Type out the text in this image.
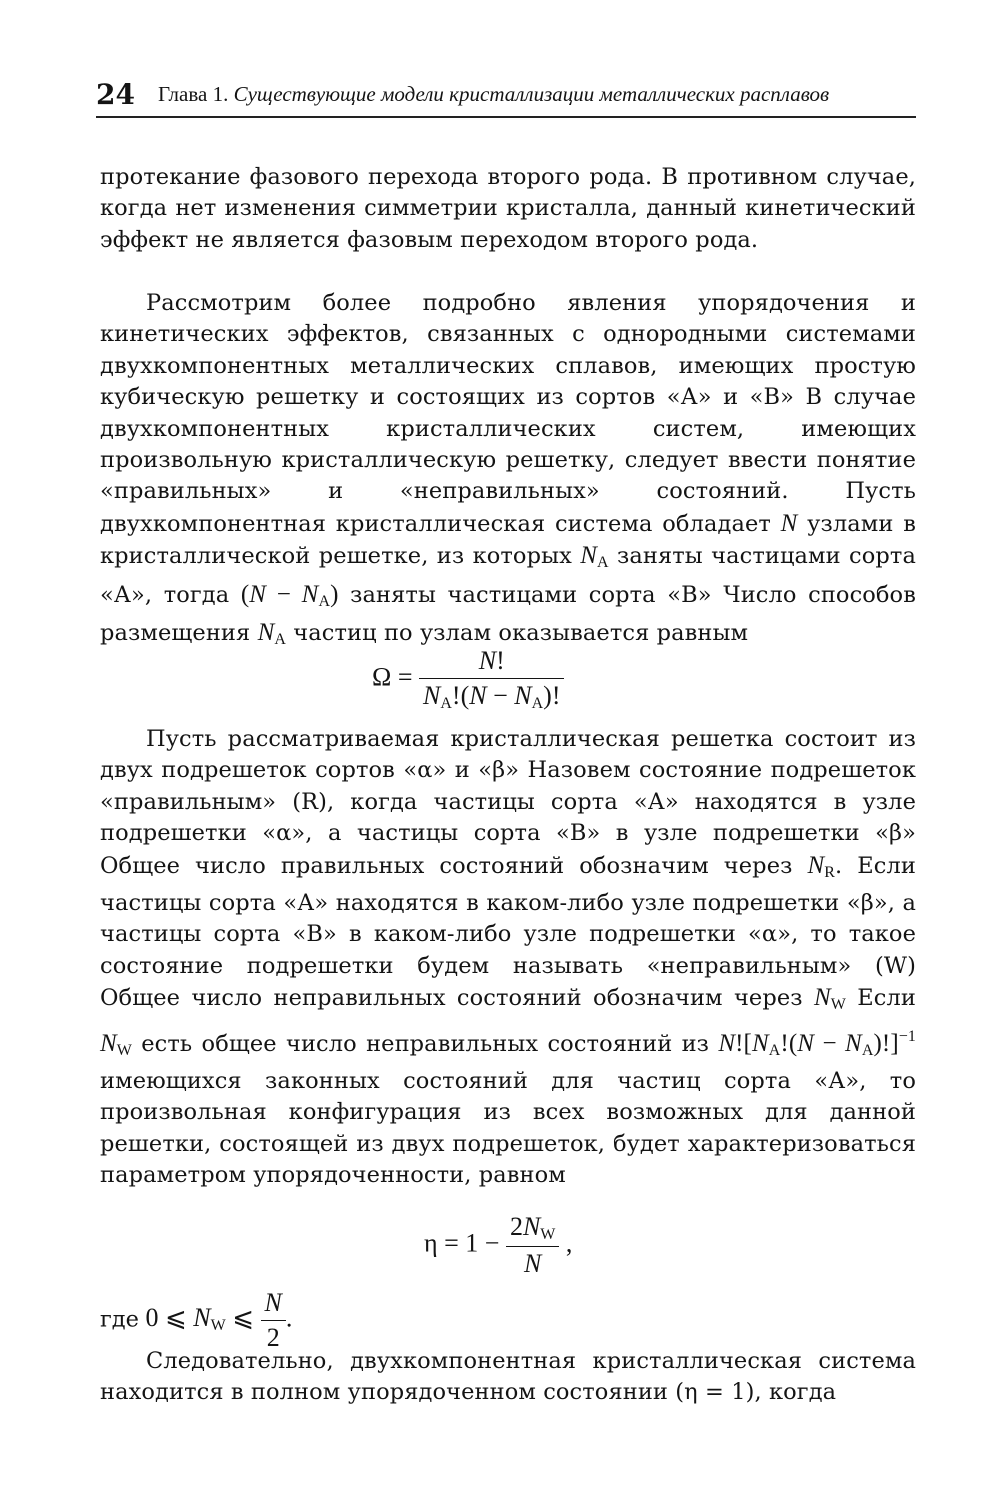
24 Глава 1. Существующие модели кристаллизации металлических расплавов
протекание фазового перехода второго рода. В противном случае, когда нет изменения симметрии кристалла, данный кинетический эффект не является фазовым переходом второго рода.
Рассмотрим более подробно явления упорядочения и кинетических эффектов, связанных с однородными системами двухкомпонентных металлических сплавов, имеющих простую кубическую решетку и состоящих из сортов «А» и «В» В случае двухкомпонентных кристаллических систем, имеющих произвольную кристаллическую решетку, следует ввести понятие «правильных» и «неправильных» состояний. Пусть двухкомпонентная кристаллическая система обладает N узлами в кристаллической решетке, из которых $N_A$ заняты частицами сорта «А», тогда $(N - N_A)$ заняты частицами сорта «В» Число способов размещения $N_A$ частиц по узлам оказывается равным
$\Omega = \frac{N!}{N_A!(N - N_A)!}$
Пусть рассматриваемая кристаллическая решетка состоит из двух подрешеток сортов «α» и «β» Назовем состояние подрешеток «правильным» (R), когда частицы сорта «А» находятся в узле подрешетки «α», а частицы сорта «В» в узле подрешетки «β» Общее число правильных состояний обозначим через $N_R$. Если частицы сорта «А» находятся в каком-либо узле подрешетки «β», а частицы сорта «В» в каком-либо узле подрешетки «α», то такое состояние подрешетки будем называть «неправильным» (W) Общее число неправильных состояний обозначим через $N_W$ Если $N_W$ есть общее число неправильных состояний из $N![N_A!(N - N_A)!]^{-1}$ имеющихся законных состояний для частиц сорта «А», то произвольная конфигурация из всех возможных для данной решетки, состоящей из двух подрешеток, будет характеризоваться параметром упорядоченности, равном
$\eta = 1 - \frac{2N_W}{N}$ ,
где 0 ⩽ $N_W$ ⩽ $\frac{N}{2}$ .
Следовательно, двухкомпонентная кристаллическая система находится в полном упорядоченном состоянии (η = 1), когда
